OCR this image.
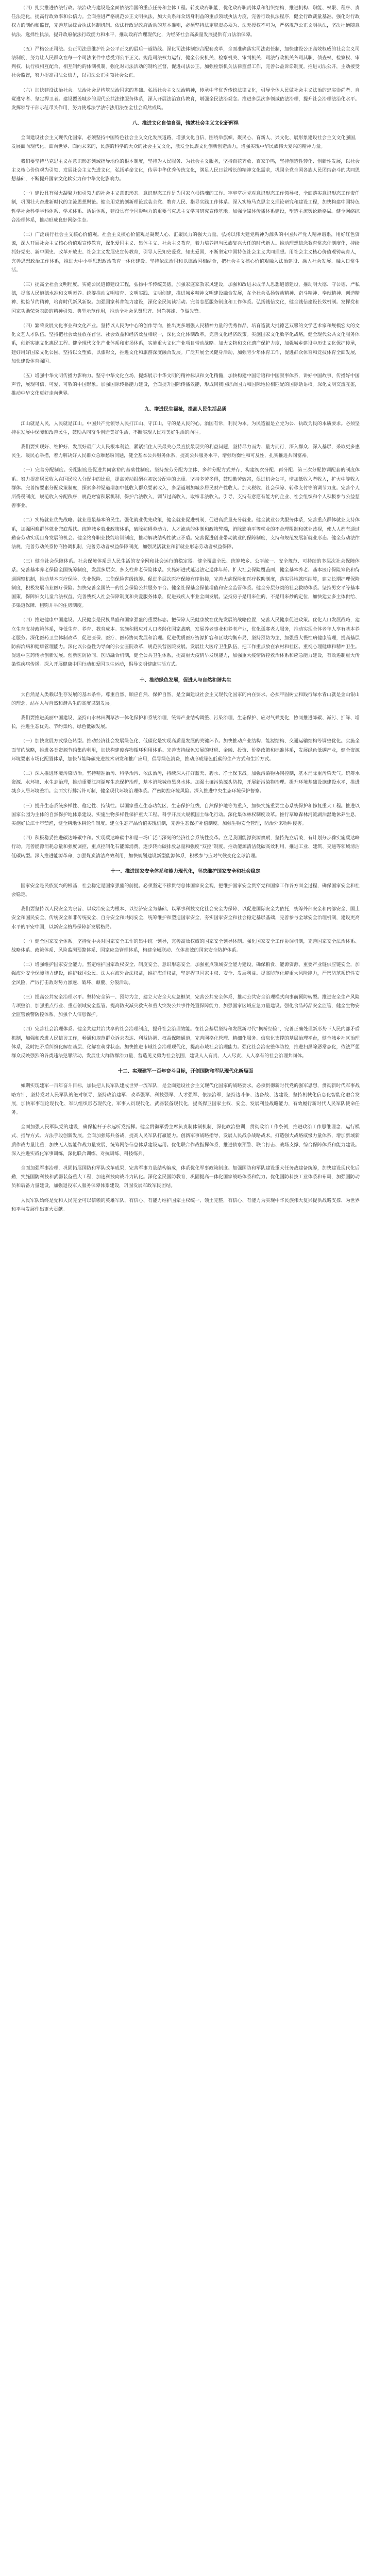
（四）扎实推进依法行政。法治政府建设是全面依法治国的重点任务和主体工程。转变政府职能，优化政府职责体系和组织结构，推进机构、职能、权限、程序、责任法定化，提高行政效率和公信力。全面推进严格规范公正文明执法，加大关系群众切身利益的重点领域执法力度，完善行政执法程序，健全行政裁量基准。强化对行政权力的制约和监督，完善基层综合执法体制机制。依法行政是政府活动的基本准则，必须坚持法定职责必须为、法无授权不可为，严格规范公正文明执法，坚决杜绝随意执法、选择性执法，提升政府依法行政能力和水平，推动政府治理现代化，为经济社会高质量发展提供有力法治保障。

（五）严格公正司法。公正司法是维护社会公平正义的最后一道防线。深化司法体制综合配套改革，全面准确落实司法责任制，加快建设公正高效权威的社会主义司法制度，努力让人民群众在每一个司法案件中感受到公平正义。规范司法权力运行，健全公安机关、检察机关、审判机关、司法行政机关各司其职，侦查权、检察权、审判权、执行权相互配合、相互制约的体制机制。强化对司法活动的制约监督，促进司法公正。加强检察机关法律监督工作，完善公益诉讼制度。推进司法公开，主动接受社会监督，努力提高司法公信力，以司法公正引领社会公正。

（六）加快建设法治社会。法治社会是构筑法治国家的基础。弘扬社会主义法治精神，传承中华优秀传统法律文化，引导全体人民做社会主义法治的忠实崇尚者、自觉遵守者、坚定捍卫者。建设覆盖城乡的现代公共法律服务体系，深入开展法治宣传教育，增强全民法治观念。推进多层次多领域依法治理，提升社会治理法治化水平。发挥领导干部示范带头作用，努力使尊法学法守法用法在全社会蔚然成风。

八、推进文化自信自强，铸就社会主义文化新辉煌

全面建设社会主义现代化国家，必须坚持中国特色社会主义文化发展道路，增强文化自信，围绕举旗帜、聚民心、育新人、兴文化、展形象建设社会主义文化强国，发展面向现代化、面向世界、面向未来的，民族的科学的大众的社会主义文化，激发全民族文化创新创造活力，增强实现中华民族伟大复兴的精神力量。

我们要坚持马克思主义在意识形态领域指导地位的根本制度，坚持为人民服务、为社会主义服务，坚持百花齐放、百家争鸣，坚持创造性转化、创新性发展，以社会主义核心价值观为引领，发展社会主义先进文化，弘扬革命文化，传承中华优秀传统文化，满足人民日益增长的精神文化需求，巩固全党全国各族人民团结奋斗的共同思想基础，不断提升国家文化软实力和中华文化影响力。

（一）建设具有强大凝聚力和引领力的社会主义意识形态。意识形态工作是为国家立根铸魂的工作。牢牢掌握党对意识形态工作领导权，全面落实意识形态工作责任制，巩固壮大奋进新时代的主流思想舆论。健全用党的创新理论武装全党、教育人民、指导实践工作体系。深入实施马克思主义理论研究和建设工程，加快构建中国特色哲学社会科学学科体系、学术体系、话语体系，建设具有全国影响力的重要马克思主义学习研究宣传基地。加强全媒体传播体系建设，塑造主流舆论新格局。健全网络综合治理体系，推动形成良好网络生态。

（二）广泛践行社会主义核心价值观。社会主义核心价值观是凝聚人心、汇聚民力的强大力量。弘扬以伟大建党精神为源头的中国共产党人精神谱系，用好红色资源，深入开展社会主义核心价值观宣传教育，深化爱国主义、集体主义、社会主义教育，着力培养担当民族复兴大任的时代新人。推动理想信念教育常态化制度化，持续抓好党史、新中国史、改革开放史、社会主义发展史宣传教育，引导人民知史爱党、知史爱国，不断坚定中国特色社会主义共同理想。用社会主义核心价值观铸魂育人，完善思想政治工作体系，推进大中小学思想政治教育一体化建设。坚持依法治国和以德治国相结合，把社会主义核心价值观融入法治建设、融入社会发展、融入日常生活。

（三）提高全社会文明程度。实施公民道德建设工程，弘扬中华传统美德，加强家庭家教家风建设，加强和改进未成年人思想道德建设，推动明大德、守公德、严私德，提高人民道德水准和文明素养。统筹推动文明培育、文明实践、文明创建，推进城乡精神文明建设融合发展，在全社会弘扬劳动精神、奋斗精神、奉献精神、创造精神、勤俭节约精神，培育时代新风新貌。加强国家科普能力建设，深化全民阅读活动。完善志愿服务制度和工作体系。弘扬诚信文化，健全诚信建设长效机制。发挥党和国家功勋荣誉表彰的精神引领、典型示范作用，推动全社会见贤思齐、崇尚英雄、争做先锋。

（四）繁荣发展文化事业和文化产业。坚持以人民为中心的创作导向，推出更多增强人民精神力量的优秀作品，培育造就大批德艺双馨的文学艺术家和规模宏大的文化文艺人才队伍。坚持把社会效益放在首位、社会效益和经济效益相统一，深化文化体制改革，完善文化经济政策。实施国家文化数字化战略，健全现代公共文化服务体系，创新实施文化惠民工程。健全现代文化产业体系和市场体系，实施重大文化产业项目带动战略。加大文物和文化遗产保护力度，加强城乡建设中历史文化保护传承，建好用好国家文化公园。坚持以文塑旅、以旅彰文，推进文化和旅游深度融合发展。广泛开展全民健身活动，加强青少年体育工作，促进群众体育和竞技体育全面发展，加快建设体育强国。

（五）增强中华文明传播力影响力。坚守中华文化立场，提炼展示中华文明的精神标识和文化精髓，加快构建中国话语和中国叙事体系，讲好中国故事、传播好中国声音，展现可信、可爱、可敬的中国形象。加强国际传播能力建设，全面提升国际传播效能，形成同我国综合国力和国际地位相匹配的国际话语权。深化文明交流互鉴，推动中华文化更好走向世界。

九、增进民生福祉，提高人民生活品质

江山就是人民，人民就是江山。中国共产党领导人民打江山、守江山，守的是人民的心。治国有常，利民为本。为民造福是立党为公、执政为民的本质要求。必须坚持在发展中保障和改善民生，鼓励共同奋斗创造美好生活，不断实现人民对美好生活的向往。

我们要实现好、维护好、发展好最广大人民根本利益，紧紧抓住人民最关心最直接最现实的利益问题，坚持尽力而为、量力而行，深入群众、深入基层，采取更多惠民生、暖民心举措，着力解决好人民群众急难愁盼问题，健全基本公共服务体系，提高公共服务水平，增强均衡性和可及性，扎实推进共同富裕。

（一）完善分配制度。分配制度是促进共同富裕的基础性制度。坚持按劳分配为主体、多种分配方式并存，构建初次分配、再分配、第三次分配协调配套的制度体系。努力提高居民收入在国民收入分配中的比重，提高劳动报酬在初次分配中的比重。坚持多劳多得，鼓励勤劳致富，促进机会公平，增加低收入者收入，扩大中等收入群体。完善按要素分配政策制度，探索多种渠道增加中低收入群众要素收入，多渠道增加城乡居民财产性收入。加大税收、社会保障、转移支付等的调节力度。完善个人所得税制度，规范收入分配秩序，规范财富积累机制，保护合法收入，调节过高收入，取缔非法收入。引导、支持有意愿有能力的企业、社会组织和个人积极参与公益慈善事业。

（二）实施就业优先战略。就业是最基本的民生。强化就业优先政策，健全就业促进机制，促进高质量充分就业。健全就业公共服务体系，完善重点群体就业支持体系，加强困难群体就业兜底帮扶。统筹城乡就业政策体系，破除妨碍劳动力、人才流动的体制和政策弊端，消除影响平等就业的不合理限制和就业歧视，使人人都有通过勤奋劳动实现自身发展的机会。健全终身职业技能培训制度，推动解决结构性就业矛盾。完善促进创业带动就业的保障制度，支持和规范发展新就业形态。健全劳动法律法规，完善劳动关系协商协调机制，完善劳动者权益保障制度，加强灵活就业和新就业形态劳动者权益保障。

（三）健全社会保障体系。社会保障体系是人民生活的安全网和社会运行的稳定器。健全覆盖全民、统筹城乡、公平统一、安全规范、可持续的多层次社会保障体系。完善基本养老保险全国统筹制度，发展多层次、多支柱养老保险体系。实施渐进式延迟法定退休年龄。扩大社会保险覆盖面，健全基本养老、基本医疗保险筹资和待遇调整机制，推动基本医疗保险、失业保险、工伤保险省级统筹。促进多层次医疗保障有序衔接，完善大病保险和医疗救助制度，落实异地就医结算，建立长期护理保险制度，积极发展商业医疗保险。加快完善全国统一的社会保险公共服务平台。健全社保基金保值增值和安全监管体系。健全分层分类的社会救助体系。坚持男女平等基本国策，保障妇女儿童合法权益。完善残疾人社会保障制度和关爱服务体系，促进残疾人事业全面发展。坚持房子是用来住的、不是用来炒的定位，加快建立多主体供给、多渠道保障、租购并举的住房制度。

（四）推进健康中国建设。人民健康是民族昌盛和国家强盛的重要标志。把保障人民健康放在优先发展的战略位置，完善人民健康促进政策。优化人口发展战略，建立生育支持政策体系，降低生育、养育、教育成本。实施积极应对人口老龄化国家战略，发展养老事业和养老产业，优化孤寡老人服务，推动实现全体老年人享有基本养老服务。深化医药卫生体制改革，促进医保、医疗、医药协同发展和治理。促进优质医疗资源扩容和区域均衡布局，坚持预防为主，加强重大慢性病健康管理，提高基层防病治病和健康管理能力。深化以公益性为导向的公立医院改革，规范民营医院发展。发展壮大医疗卫生队伍，把工作重点放在农村和社区。重视心理健康和精神卫生。促进中医药传承创新发展。创新医防协同、医防融合机制，健全公共卫生体系，提高重大疫情早发现能力，加强重大疫情防控救治体系和应急能力建设，有效遏制重大传染性疾病传播。深入开展健康中国行动和爱国卫生运动，倡导文明健康生活方式。

十、推动绿色发展，促进人与自然和谐共生

大自然是人类赖以生存发展的基本条件。尊重自然、顺应自然、保护自然，是全面建设社会主义现代化国家的内在要求。必须牢固树立和践行绿水青山就是金山银山的理念，站在人与自然和谐共生的高度谋划发展。

我们要推进美丽中国建设，坚持山水林田湖草沙一体化保护和系统治理，统筹产业结构调整、污染治理、生态保护、应对气候变化，协同推进降碳、减污、扩绿、增长，推进生态优先、节约集约、绿色低碳发展。

（一）加快发展方式绿色转型。推动经济社会发展绿色化、低碳化是实现高质量发展的关键环节。加快推动产业结构、能源结构、交通运输结构等调整优化。实施全面节约战略，推进各类资源节约集约利用，加快构建废弃物循环利用体系。完善支持绿色发展的财税、金融、投资、价格政策和标准体系，发展绿色低碳产业，健全资源环境要素市场化配置体系，加快节能降碳先进技术研发和推广应用，倡导绿色消费，推动形成绿色低碳的生产方式和生活方式。

（二）深入推进环境污染防治。坚持精准治污、科学治污、依法治污，持续深入打好蓝天、碧水、净土保卫战。加强污染物协同控制，基本消除重污染天气。统筹水资源、水环境、水生态治理，推动重要江河湖库生态保护治理，基本消除城市黑臭水体。加强土壤污染源头防控，开展新污染物治理。提升环境基础设施建设水平，推进城乡人居环境整治。全面实行排污许可制，健全现代环境治理体系。严密防控环境风险。深入推进中央生态环境保护督察。

（三）提升生态系统多样性、稳定性、持续性。以国家重点生态功能区、生态保护红线、自然保护地等为重点，加快实施重要生态系统保护和修复重大工程。推进以国家公园为主体的自然保护地体系建设。实施生物多样性保护重大工程。科学开展大规模国土绿化行动。深化集体林权制度改革。推行草原森林河流湖泊湿地休养生息，实施好长江十年禁渔，健全耕地休耕轮作制度。建立生态产品价值实现机制，完善生态保护补偿制度。加强生物安全管理，防治外来物种侵害。

（四）积极稳妥推进碳达峰碳中和。实现碳达峰碳中和是一场广泛而深刻的经济社会系统性变革。立足我国能源资源禀赋，坚持先立后破，有计划分步骤实施碳达峰行动。完善能源消耗总量和强度调控，重点控制化石能源消费，逐步转向碳排放总量和强度“双控”制度。推动能源清洁低碳高效利用，推进工业、建筑、交通等领域清洁低碳转型。深入推进能源革命，加强煤炭清洁高效利用，加快规划建设新型能源体系，积极参与应对气候变化全球治理。

十一、推进国家安全体系和能力现代化，坚决维护国家安全和社会稳定

国家安全是民族复兴的根基，社会稳定是国家强盛的前提。必须坚定不移贯彻总体国家安全观，把维护国家安全贯穿党和国家工作各方面全过程，确保国家安全和社会稳定。

我们要坚持以人民安全为宗旨、以政治安全为根本、以经济安全为基础、以军事科技文化社会安全为保障、以促进国际安全为依托，统筹外部安全和内部安全、国土安全和国民安全、传统安全和非传统安全、自身安全和共同安全，统筹维护和塑造国家安全，夯实国家安全和社会稳定基层基础，完善参与全球安全治理机制，建设更高水平的平安中国，以新安全格局保障新发展格局。

（一）健全国家安全体系。坚持党中央对国家安全工作的集中统一领导，完善高效权威的国家安全领导体制。强化国家安全工作协调机制，完善国家安全法治体系、战略体系、政策体系、风险监测预警体系、国家应急管理体系，构建全域联动、立体高效的国家安全防护体系。

（二）增强维护国家安全能力。坚定维护国家政权安全、制度安全、意识形态安全，加强重点领域安全能力建设，确保粮食、能源资源、重要产业链供应链安全，加强海外安全保障能力建设，维护我国公民、法人在海外合法权益，维护海洋权益，坚定捍卫国家主权、安全、发展利益。提高防范化解重大风险能力，严密防范系统性安全风险，严厉打击敌对势力渗透、破坏、颠覆、分裂活动。

（三）提高公共安全治理水平。坚持安全第一、预防为主，建立大安全大应急框架，完善公共安全体系，推动公共安全治理模式向事前预防转型。推进安全生产风险专项整治，加强重点行业、重点领域安全监管。提高防灾减灾救灾和重大突发公共事件处置保障能力，加强国家区域应急力量建设。强化食品药品安全监管，健全生物安全监管预警防控体系。加强个人信息保护。

（四）完善社会治理体系。健全共建共治共享的社会治理制度，提升社会治理效能。在社会基层坚持和发展新时代“枫桥经验”，完善正确处理新形势下人民内部矛盾机制，加强和改进人民信访工作，畅通和规范群众诉求表达、利益协调、权益保障通道，完善网格化管理、精细化服务、信息化支撑的基层治理平台，健全城乡社区治理体系，及时把矛盾纠纷化解在基层、化解在萌芽状态。加快推进市域社会治理现代化，提高市域社会治理能力。强化社会治安整体防控，推进扫黑除恶常态化，依法严惩群众反映强烈的各类违法犯罪活动。发展壮大群防群治力量，营造见义勇为社会氛围，建设人人有责、人人尽责、人人享有的社会治理共同体。

十二、实现建军一百年奋斗目标，开创国防和军队现代化新局面

如期实现建军一百年奋斗目标，加快把人民军队建成世界一流军队，是全面建设社会主义现代化国家的战略要求。必须贯彻新时代党的强军思想，贯彻新时代军事战略方针，坚持党对人民军队的绝对领导，坚持政治建军、改革强军、科技强军、人才强军、依法治军，坚持边斗争、边备战、边建设，坚持机械化信息化智能化融合发展，加快军事理论现代化、军队组织形态现代化、军事人员现代化、武器装备现代化，提高捍卫国家主权、安全、发展利益战略能力，有效履行新时代人民军队使命任务。

全面加强人民军队党的建设，确保枪杆子永远听党指挥。健全贯彻军委主席负责制体制机制，深化政治整训，贯彻政治工作条例，推进政治工作思维理念、运行模式、指导方式、方法手段创新发展。全面加强练兵备战，提高人民军队打赢能力。创新军事战略指导，发展人民战争战略战术。打造强大战略威慑力量体系，增加新域新质作战力量比重，加快无人智能作战力量发展，统筹网络信息体系建设运用。优化联合作战指挥体系，推进侦察预警、联合打击、战场支撑、综合保障体系和能力建设。深入推进实战化军事训练，深化联合训练、对抗训练、科技练兵。

全面加强军事治理，巩固拓展国防和军队改革成果，完善军事力量结构编成，体系优化军事政策制度。加强国防和军队建设重大任务战建备统筹，加快建设现代化后勤，实施国防科技和武器装备重大工程，加速科技向战斗力转化。深化全民国防教育，巩固提高一体化国家战略体系和能力。优化国防科技工业体系和布局，加强国防动员和后备力量建设，加强退役军人服务保障体系建设，巩固发展军政军民团结。

人民军队始终是党和人民完全可以信赖的英雄军队，有信心、有能力维护国家主权统一、领土完整，有信心、有能力为实现中华民族伟大复兴提供战略支撑、为世界和平与发展作出更大贡献。
